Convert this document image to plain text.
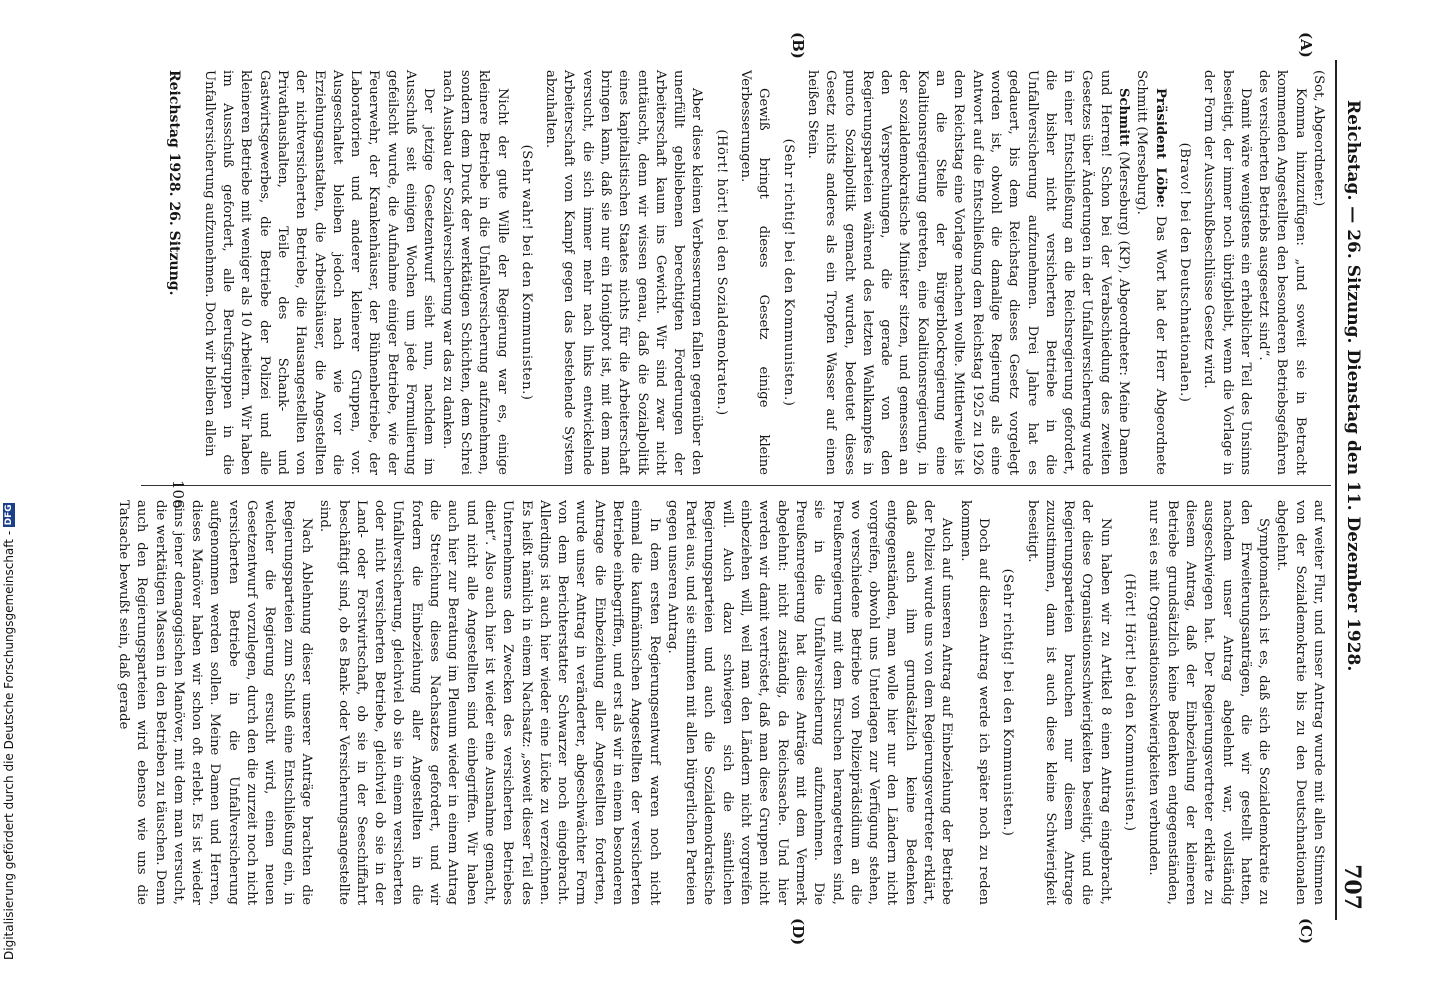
Reichstag. — 26. Sitzung. Dienstag den 11. Dezember 1928.
707

(Sot, Abgeordneter.)

Komma hinzuzufügen: „und soweit sie in Betracht kommenden Angestellten den besonderen Betriebsgefahren des versicherten Betriebs ausgesetzt sind“.

Damit wäre wenigstens ein erheblicher Teil des Unsinns beseitigt, der immer noch übrigbleibt, wenn die Vorlage in der Form der Ausschußbeschlüsse Gesetz wird.

(Bravo! bei den Deutschnationalen.)

Präsident Löbe: Das Wort hat der Herr Abgeordnete Schmitt (Merseburg).

Schmitt (Merseburg) (KP), Abgeordneter: Meine Damen und Herren! Schon bei der Verabschiedung des zweiten Gesetzes über Änderungen in der Unfallversicherung wurde in einer Entschließung an die Reichsregierung gefordert, die bisher nicht versicherten Betriebe in die Unfallversicherung aufzunehmen. Drei Jahre hat es gedauert, bis dem Reichstag dieses Gesetz vorgelegt worden ist, obwohl die damalige Regierung als eine Antwort auf die Entschließung dem Reichstag 1925 zu 1926 dem Reichstag eine Vorlage machen wollte. Mittlerweile ist an die Stelle der Bürgerblockregierung eine Koalitionsregierung getreten, eine Koalitionsregierung, in der sozialdemokratische Minister sitzen, und gemessen an den Versprechungen, die gerade von den Regierungsparteien während des letzten Wahlkampfes in puncto Sozialpolitik gemacht wurden, bedeutet dieses Gesetz nichts anderes als ein Tropfen Wasser auf einen heißen Stein.

(Sehr richtig! bei den Kommunisten.)

Gewiß bringt dieses Gesetz einige kleine Verbesserungen.

(Hört! hört! bei den Sozialdemokraten.)

Aber diese kleinen Verbesserungen fallen gegenüber den unerfüllt gebliebenen berechtigten Forderungen der Arbeiterschaft kaum ins Gewicht. Wir sind zwar nicht enttäuscht, denn wir wissen genau, daß die Sozialpolitik eines kapitalistischen Staates nichts für die Arbeiterschaft bringen kann, daß sie nur ein Honigbrot ist, mit dem man versucht, die sich immer mehr nach links entwickelnde Arbeiterschaft vom Kampf gegen das bestehende System abzuhalten.

(Sehr wahr! bei den Kommunisten.)

Nicht der gute Wille der Regierung war es, einige kleinere Betriebe in die Unfallversicherung aufzunehmen, sondern dem Druck der werktätigen Schichten, dem Schrei nach Ausbau der Sozialversicherung war das zu danken.

Der jetzige Gesetzentwurf sieht nun, nachdem im Ausschuß seit einigen Wochen um jede Formulierung gefeilscht wurde, die Aufnahme einiger Betriebe, wie der Feuerwehr, der Krankenhäuser, der Bühnenbetriebe, der Laboratorien und anderer kleinerer Gruppen, vor. Ausgeschaltet bleiben jedoch nach wie vor die Erziehungsanstalten, die Arbeitshäuser, die Angestellten der nichtversicherten Betriebe, die Hausangestellten von Privathaushalten, Teile des Schank- und Gastwirtsgewerbes, die Betriebe der Polizei und alle kleineren Betriebe mit weniger als 10 Arbeitern. Wir haben im Ausschuß gefordert, alle Berufsgruppen in die Unfallversicherung aufzunehmen. Doch wir bleiben allein

auf weiter Flur, und unser Antrag wurde mit allen Stimmen von der Sozialdemokratie bis zu den Deutschnationalen abgelehnt.

Symptomatisch ist es, daß sich die Sozialdemokratie zu den Erweiterungsanträgen, die wir gestellt hatten, nachdem unser Antrag abgelehnt war, vollständig ausgeschwiegen hat. Der Regierungsvertreter erklärte zu diesem Antrag, daß der Einbeziehung der kleineren Betriebe grundsätzlich keine Bedenken entgegenständen, nur sei es mit Organisationsschwierigkeiten verbunden.

(Hört! Hört! bei den Kommunisten.)

Nun haben wir zu Artikel 8 einen Antrag eingebracht, der diese Organisationsschwierigkeiten beseitigt, und die Regierungsparteien brauchen nur diesem Antrage zuzustimmen, dann ist auch diese kleine Schwierigkeit beseitigt.

(Sehr richtig! bei den Kommunisten.)

Doch auf diesen Antrag werde ich später noch zu reden kommen.

Auch auf unseren Antrag auf Einbeziehung der Betriebe der Polizei wurde uns von dem Regierungsvertreter erklärt, daß auch ihm grundsätzlich keine Bedenken entgegenständen, man wolle hier nur den Ländern nicht vorgreifen, obwohl uns Unterlagen zur Verfügung stehen, wo verschiedene Betriebe von Polizeiprädsidium an die Preußenregierung mit dem Ersuchen herangetreten sind, sie in die Unfallversicherung aufzunehmen. Die Preußenregierung hat diese Anträge mit dem Vermerk abgelehnt: nicht zuständig, da Reichssache. Und hier werden wir damit vertröstet, daß man diese Gruppen nicht einbeziehen will, weil man den Ländern nicht vorgreifen will. Auch dazu schwiegen sich die sämtlichen Regierungsparteien und auch die Sozialdemokratische Partei aus, und sie stimmten mit allen bürgerlichen Parteien gegen unseren Antrag.

In dem ersten Regierungsentwurf waren noch nicht einmal die kaufmännischen Angestellten der versicherten Betriebe einbegriffen, und erst als wir in einem besonderen Antrage die Einbeziehung aller Angestellten forderten, wurde unser Antrag in veränderter, abgeschwächter Form von dem Berichterstatter Schwarzer noch eingebracht. Allerdings ist auch hier wieder eine Lücke zu verzeichnen. Es heißt nämlich in einem Nachsatz: „soweit dieser Teil des Unternehmens den Zwecken des versicherten Betriebes dient“. Also auch hier ist wieder eine Ausnahme gemacht, und nicht alle Angestellten sind einbegriffen. Wir haben auch hier zur Beratung im Plenum wieder in einem Antrag die Streichung dieses Nachsatzes gefordert, und wir fordern die Einbeziehung aller Angestellten in die Unfallversicherung, gleichviel ob sie in einem versicherten oder nicht versicherten Betriebe, gleichviel ob sie in der Land- oder Forstwirtschaft, ob sie in der Seeschiffahrt beschäftigt sind, ob es Bank- oder Versicherungsangestellte sind.

Nach Ablehnung dieser unserer Anträge brachten die Regierungsparteien zum Schluß eine Entschließung ein, in welcher die Regierung ersucht wird, einen neuen Gesetzentwurf vorzulegen, durch den die zurzeit noch nicht versicherten Betriebe in die Unfallversicherung aufgenommen werden sollen. Meine Damen und Herren, dieses Manöver haben wir schon oft erlebt. Es ist wieder eins jener demagogischen Manöver, mit dem man versucht, die werktätigen Massen in den Betrieben zu täuschen. Denn auch den Regierungsparteien wird ebenso wie uns die Tatsache bewußt sein, daß gerade

(A)
(B)
(C)
(D)
Reichstag 1928. 26. Sitzung.
106
Digitalisierung gefördert durch die Deutsche Forschungsgemeinschaft -
DFG
